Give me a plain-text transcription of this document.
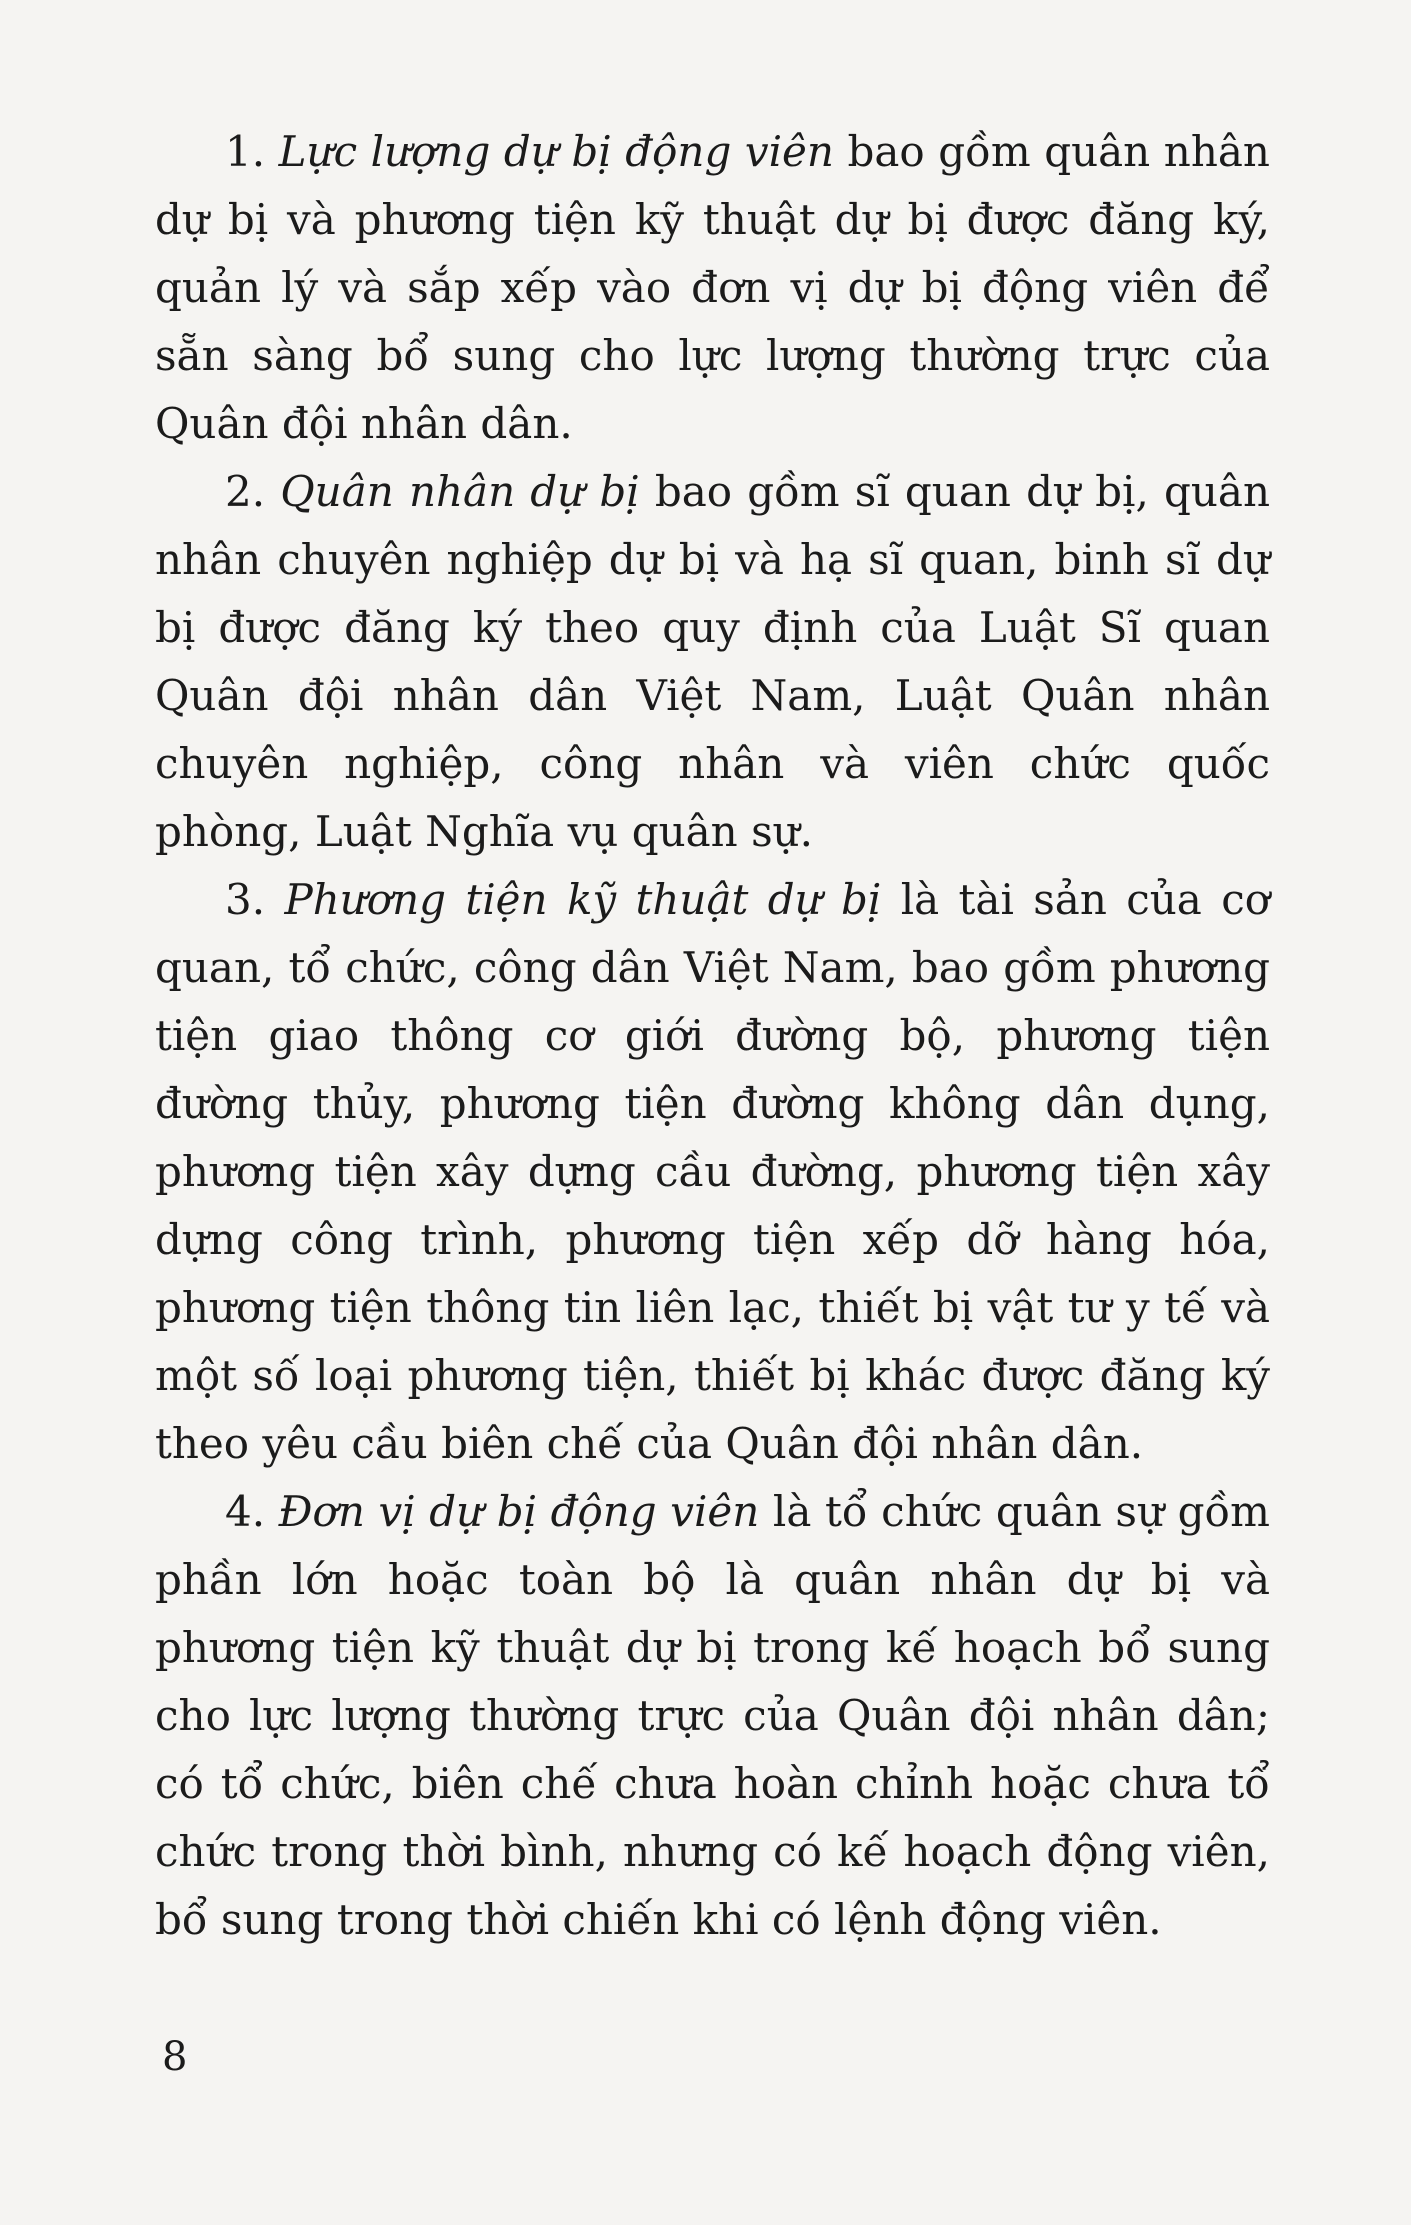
1. Lực lượng dự bị động viên bao gồm quân nhân dự bị và phương tiện kỹ thuật dự bị được đăng ký, quản lý và sắp xếp vào đơn vị dự bị động viên để sẵn sàng bổ sung cho lực lượng thường trực của Quân đội nhân dân.

2. Quân nhân dự bị bao gồm sĩ quan dự bị, quân nhân chuyên nghiệp dự bị và hạ sĩ quan, binh sĩ dự bị được đăng ký theo quy định của Luật Sĩ quan Quân đội nhân dân Việt Nam, Luật Quân nhân chuyên nghiệp, công nhân và viên chức quốc phòng, Luật Nghĩa vụ quân sự.

3. Phương tiện kỹ thuật dự bị là tài sản của cơ quan, tổ chức, công dân Việt Nam, bao gồm phương tiện giao thông cơ giới đường bộ, phương tiện đường thủy, phương tiện đường không dân dụng, phương tiện xây dựng cầu đường, phương tiện xây dựng công trình, phương tiện xếp dỡ hàng hóa, phương tiện thông tin liên lạc, thiết bị vật tư y tế và một số loại phương tiện, thiết bị khác được đăng ký theo yêu cầu biên chế của Quân đội nhân dân.

4. Đơn vị dự bị động viên là tổ chức quân sự gồm phần lớn hoặc toàn bộ là quân nhân dự bị và phương tiện kỹ thuật dự bị trong kế hoạch bổ sung cho lực lượng thường trực của Quân đội nhân dân; có tổ chức, biên chế chưa hoàn chỉnh hoặc chưa tổ chức trong thời bình, nhưng có kế hoạch động viên, bổ sung trong thời chiến khi có lệnh động viên.

8
